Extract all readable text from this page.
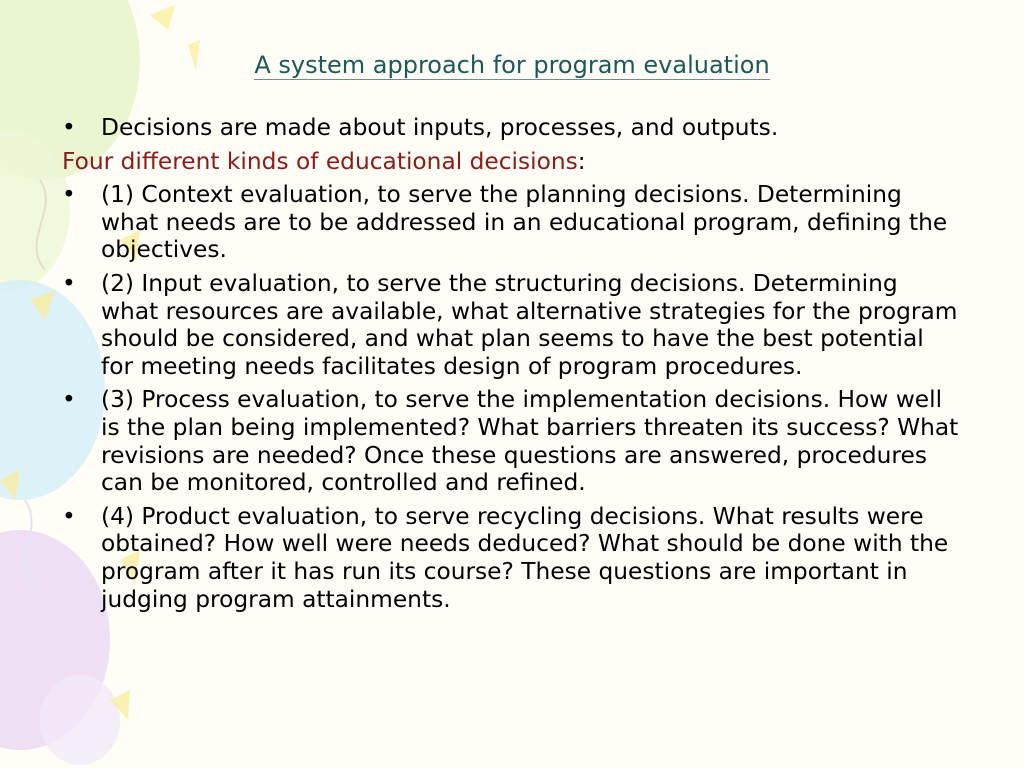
A system approach for program evaluation
• Decisions are made about inputs, processes, and outputs.
Four different kinds of educational decisions:
• (1) Context evaluation, to serve the planning decisions. Determining what needs are to be addressed in an educational program, defining the objectives.
• (2) Input evaluation, to serve the structuring decisions. Determining what resources are available, what alternative strategies for the program should be considered, and what plan seems to have the best potential for meeting needs facilitates design of program procedures.
• (3) Process evaluation, to serve the implementation decisions. How well is the plan being implemented? What barriers threaten its success? What revisions are needed? Once these questions are answered, procedures can be monitored, controlled and refined.
• (4) Product evaluation, to serve recycling decisions. What results were obtained? How well were needs deduced? What should be done with the program after it has run its course? These questions are important in judging program attainments.
